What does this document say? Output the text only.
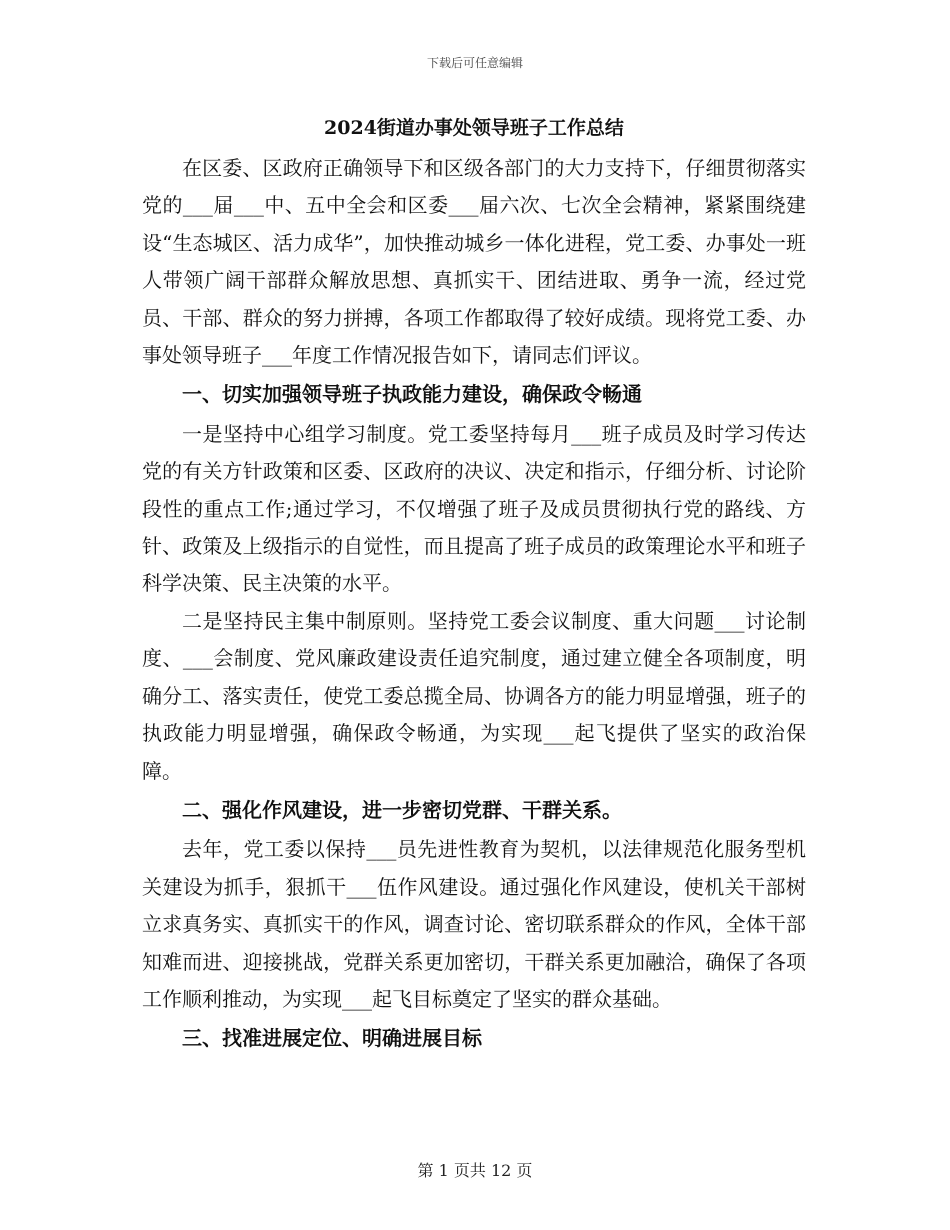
下载后可任意编辑
2024街道办事处领导班子工作总结

在区委、区政府正确领导下和区级各部门的大力支持下，仔细贯彻落实党的___届___中、五中全会和区委___届六次、七次全会精神，紧紧围绕建设“生态城区、活力成华”，加快推动城乡一体化进程，党工委、办事处一班人带领广阔干部群众解放思想、真抓实干、团结进取、勇争一流，经过党员、干部、群众的努力拼搏，各项工作都取得了较好成绩。现将党工委、办事处领导班子___年度工作情况报告如下，请同志们评议。

一、切实加强领导班子执政能力建设，确保政令畅通

一是坚持中心组学习制度。党工委坚持每月___班子成员及时学习传达党的有关方针政策和区委、区政府的决议、决定和指示，仔细分析、讨论阶段性的重点工作;通过学习，不仅增强了班子及成员贯彻执行党的路线、方针、政策及上级指示的自觉性，而且提高了班子成员的政策理论水平和班子科学决策、民主决策的水平。

二是坚持民主集中制原则。坚持党工委会议制度、重大问题___讨论制度、___会制度、党风廉政建设责任追究制度，通过建立健全各项制度，明确分工、落实责任，使党工委总揽全局、协调各方的能力明显增强，班子的执政能力明显增强，确保政令畅通，为实现___起飞提供了坚实的政治保障。

二、强化作风建设，进一步密切党群、干群关系。

去年，党工委以保持___员先进性教育为契机，以法律规范化服务型机关建设为抓手，狠抓干___伍作风建设。通过强化作风建设，使机关干部树立求真务实、真抓实干的作风，调查讨论、密切联系群众的作风，全体干部知难而进、迎接挑战，党群关系更加密切，干群关系更加融洽，确保了各项工作顺利推动，为实现___起飞目标奠定了坚实的群众基础。

三、找准进展定位、明确进展目标

第 1 页共 12 页
